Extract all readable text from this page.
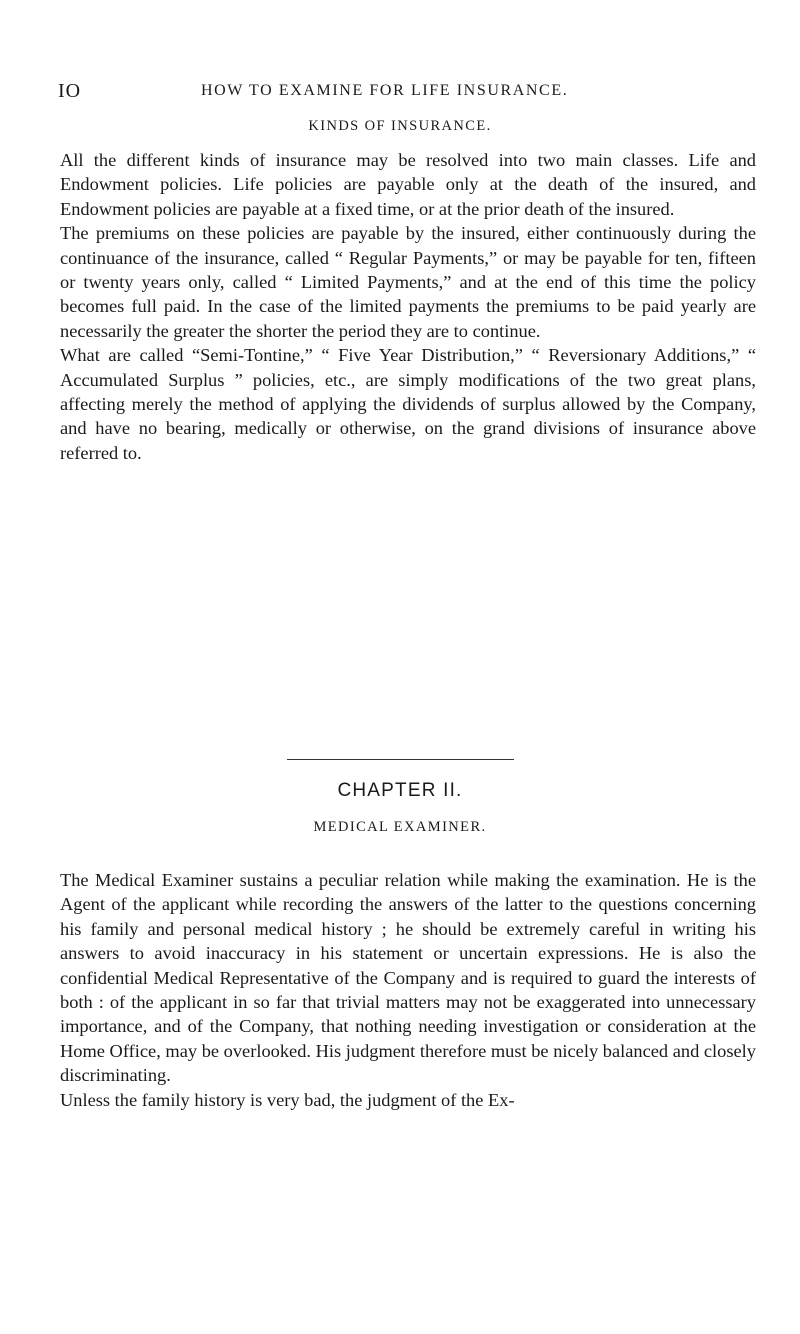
IO	HOW TO EXAMINE FOR LIFE INSURANCE.
KINDS OF INSURANCE.

All the different kinds of insurance may be resolved into two main classes. Life and Endowment policies. Life policies are payable only at the death of the insured, and Endowment policies are payable at a fixed time, or at the prior death of the insured.

The premiums on these policies are payable by the insured, either continuously during the continuance of the insurance, called “ Regular Payments,” or may be payable for ten, fifteen or twenty years only, called “ Limited Payments,” and at the end of this time the policy becomes full paid. In the case of the limited payments the premiums to be paid yearly are necessarily the greater the shorter the period they are to continue.

What are called “Semi-Tontine,” “ Five Year Distribution,” “ Reversionary Additions,” “ Accumulated Surplus ” policies, etc., are simply modifications of the two great plans, affecting merely the method of applying the dividends of surplus allowed by the Company, and have no bearing, medically or otherwise, on the grand divisions of insurance above referred to.

CHAPTER II.
MEDICAL EXAMINER.

The Medical Examiner sustains a peculiar relation while making the examination. He is the Agent of the applicant while recording the answers of the latter to the questions concerning his family and personal medical history ; he should be extremely careful in writing his answers to avoid inaccuracy in his statement or uncertain expressions. He is also the confidential Medical Representative of the Company and is required to guard the interests of both : of the applicant in so far that trivial matters may not be exaggerated into unnecessary importance, and of the Company, that nothing needing investigation or consideration at the Home Office, may be overlooked. His judgment therefore must be nicely balanced and closely discriminating.

Unless the family history is very bad, the judgment of the Ex-
